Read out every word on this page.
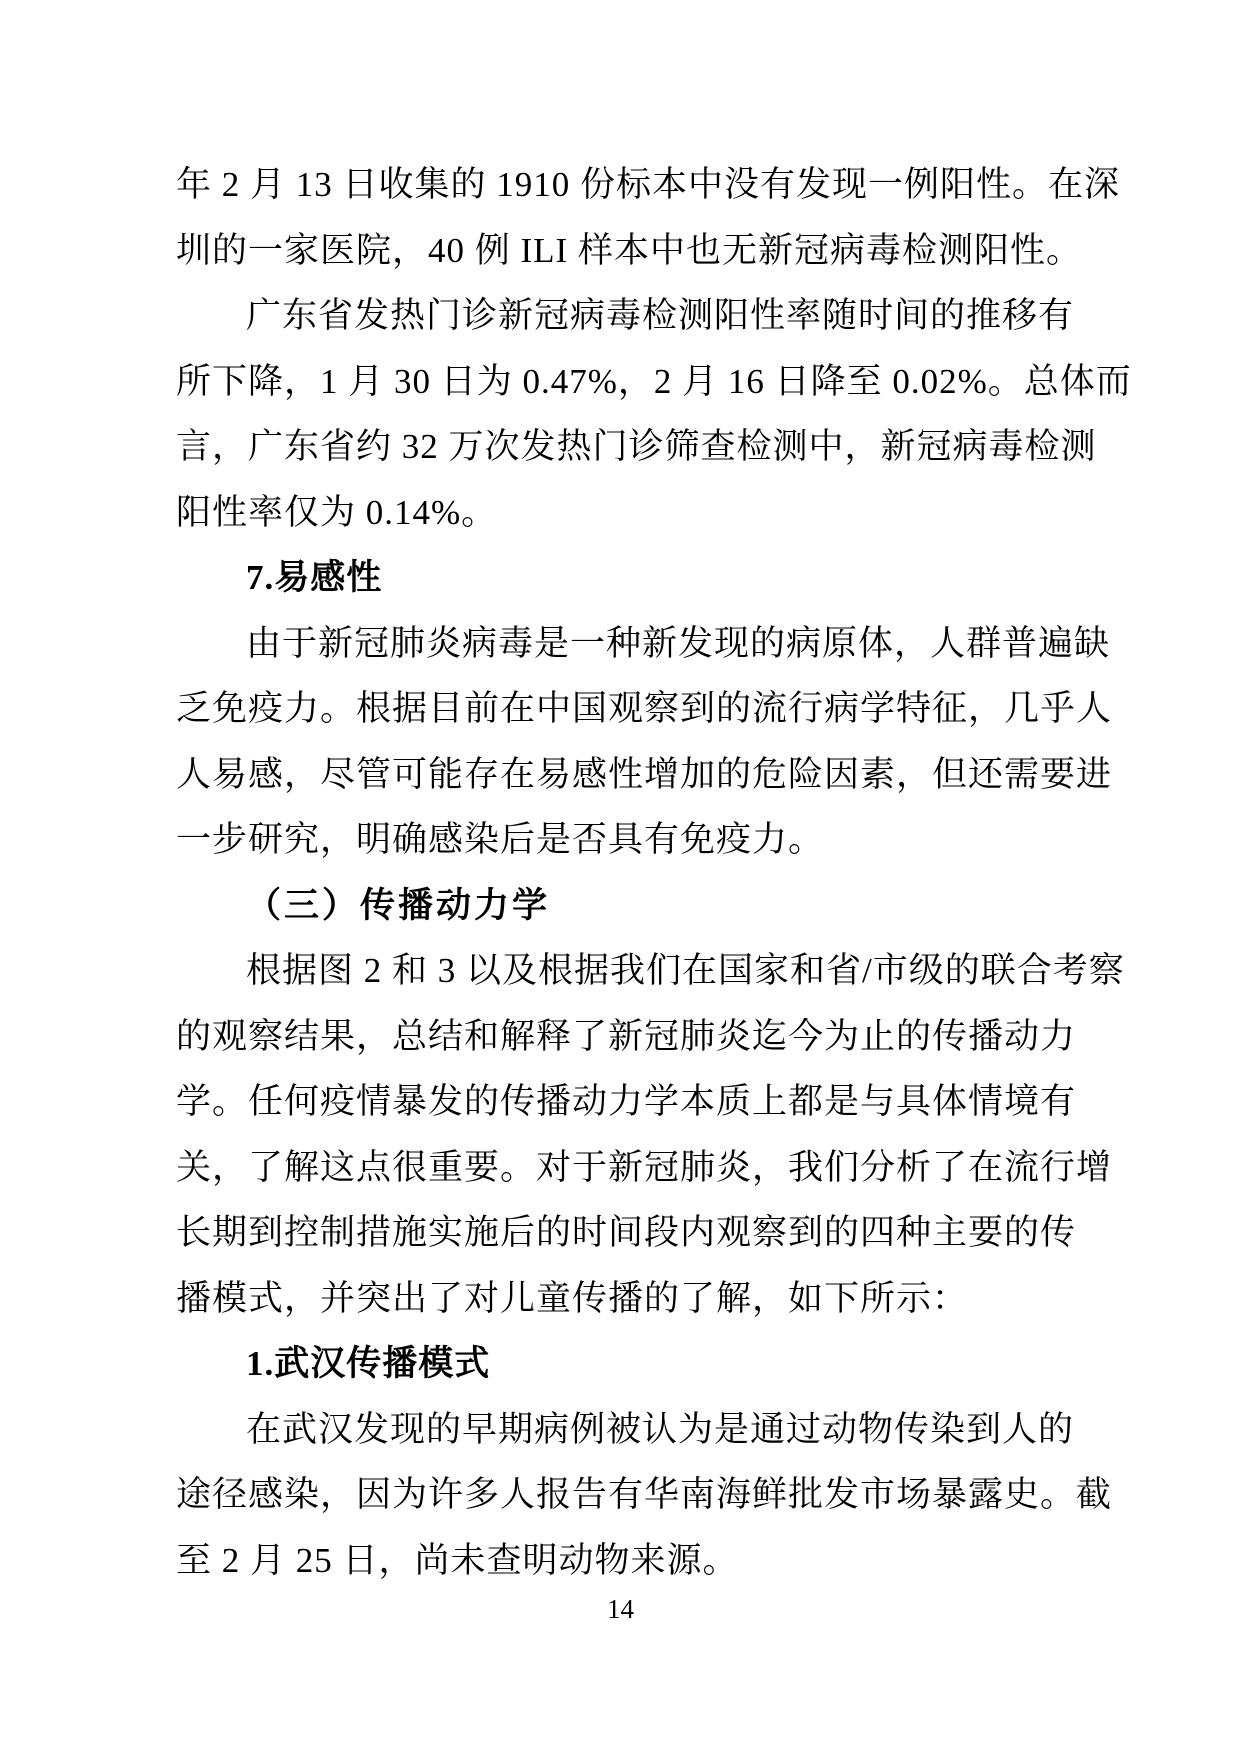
年 2 月 13 日收集的 1910 份标本中没有发现一例阳性。在深
圳的一家医院，40 例 ILI 样本中也无新冠病毒检测阳性。
广东省发热门诊新冠病毒检测阳性率随时间的推移有
所下降，1 月 30 日为 0.47%，2 月 16 日降至 0.02%。总体而
言，广东省约 32 万次发热门诊筛查检测中，新冠病毒检测
阳性率仅为 0.14%。
7.易感性
由于新冠肺炎病毒是一种新发现的病原体，人群普遍缺
乏免疫力。根据目前在中国观察到的流行病学特征，几乎人
人易感，尽管可能存在易感性增加的危险因素，但还需要进
一步研究，明确感染后是否具有免疫力。
（三）传播动力学
根据图 2 和 3 以及根据我们在国家和省/市级的联合考察
的观察结果，总结和解释了新冠肺炎迄今为止的传播动力
学。任何疫情暴发的传播动力学本质上都是与具体情境有
关，了解这点很重要。对于新冠肺炎，我们分析了在流行增
长期到控制措施实施后的时间段内观察到的四种主要的传
播模式，并突出了对儿童传播的了解，如下所示：
1.武汉传播模式
在武汉发现的早期病例被认为是通过动物传染到人的
途径感染，因为许多人报告有华南海鲜批发市场暴露史。截
至 2 月 25 日，尚未查明动物来源。
14
